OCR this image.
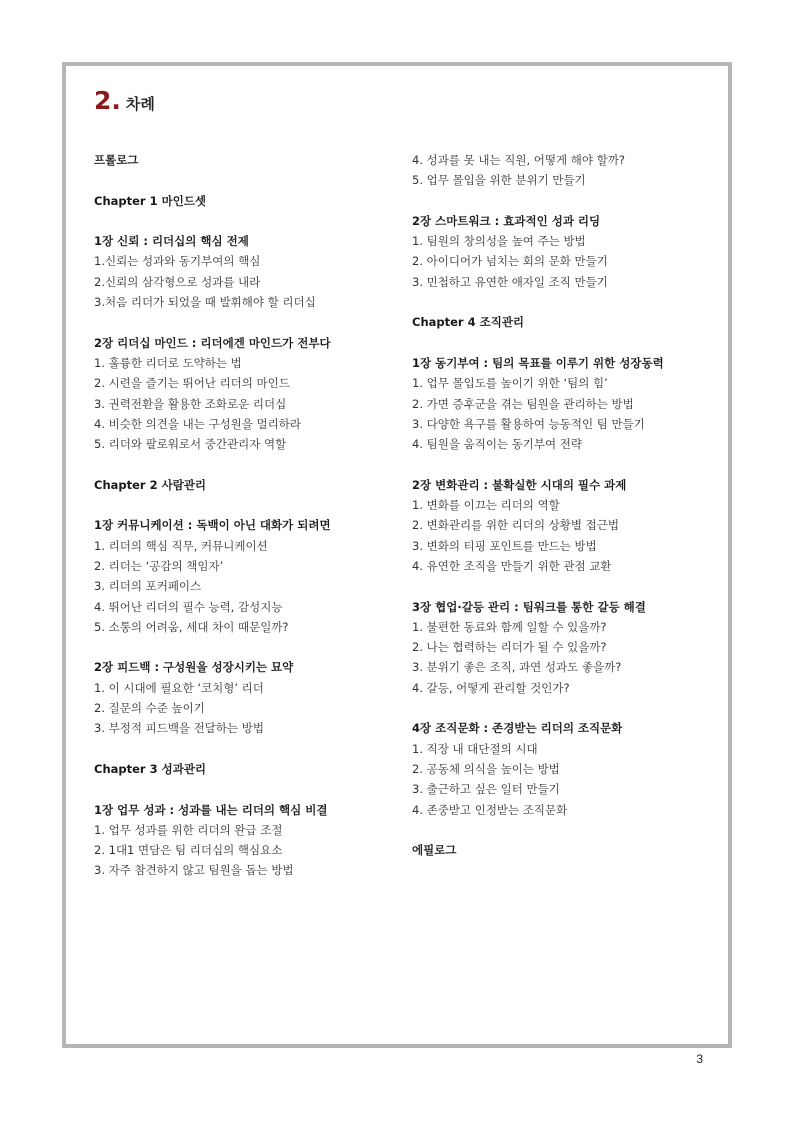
2. 차례
프롤로그
Chapter 1 마인드셋
1장 신뢰 : 리더십의 핵심 전제
1.신뢰는 성과와 동기부여의 핵심
2.신뢰의 삼각형으로 성과를 내라
3.처음 리더가 되었을 때 발휘해야 할 리더십
2장 리더십 마인드 : 리더에겐 마인드가 전부다
1. 훌륭한 리더로 도약하는 법
2. 시련을 즐기는 뛰어난 리더의 마인드
3. 권력전환을 활용한 조화로운 리더십
4. 비슷한 의견을 내는 구성원을 멀리하라
5. 리더와 팔로워로서 중간관리자 역할
Chapter 2 사람관리
1장 커뮤니케이션 : 독백이 아닌 대화가 되려면
1. 리더의 핵심 직무, 커뮤니케이션
2. 리더는 ‘공감의 책임자’
3. 리더의 포커페이스
4. 뛰어난 리더의 필수 능력, 감성지능
5. 소통의 어려움, 세대 차이 때문일까?
2장 피드백 : 구성원을 성장시키는 묘약
1. 이 시대에 필요한 ‘코치형’ 리더
2. 질문의 수준 높이기
3. 부정적 피드백을 전달하는 방법
Chapter 3 성과관리
1장 업무 성과 : 성과를 내는 리더의 핵심 비결
1. 업무 성과를 위한 리더의 완급 조절
2. 1대1 면담은 팀 리더십의 핵심요소
3. 자주 참견하지 않고 팀원을 돕는 방법
4. 성과를 못 내는 직원, 어떻게 해야 할까?
5. 업무 몰입을 위한 분위기 만들기
2장 스마트워크 : 효과적인 성과 리딩
1. 팀원의 창의성을 높여 주는 방법
2. 아이디어가 넘치는 회의 문화 만들기
3. 민첩하고 유연한 애자일 조직 만들기
Chapter 4 조직관리
1장 동기부여 : 팀의 목표를 이루기 위한 성장동력
1. 업무 몰입도를 높이기 위한 ‘팀의 힘’
2. 가면 증후군을 겪는 팀원을 관리하는 방법
3. 다양한 욕구를 활용하여 능동적인 팀 만들기
4. 팀원을 움직이는 동기부여 전략
2장 변화관리 : 불확실한 시대의 필수 과제
1. 변화를 이끄는 리더의 역할
2. 변화관리를 위한 리더의 상황별 접근법
3. 변화의 티핑 포인트를 만드는 방법
4. 유연한 조직을 만들기 위한 관점 교환
3장 협업·갈등 관리 : 팀워크를 통한 갈등 해결
1. 불편한 동료와 함께 일할 수 있을까?
2. 나는 협력하는 리더가 될 수 있을까?
3. 분위기 좋은 조직, 과연 성과도 좋을까?
4. 갈등, 어떻게 관리할 것인가?
4장 조직문화 : 존경받는 리더의 조직문화
1. 직장 내 대단절의 시대
2. 공동체 의식을 높이는 방법
3. 출근하고 싶은 일터 만들기
4. 존중받고 인정받는 조직문화
에필로그
3
